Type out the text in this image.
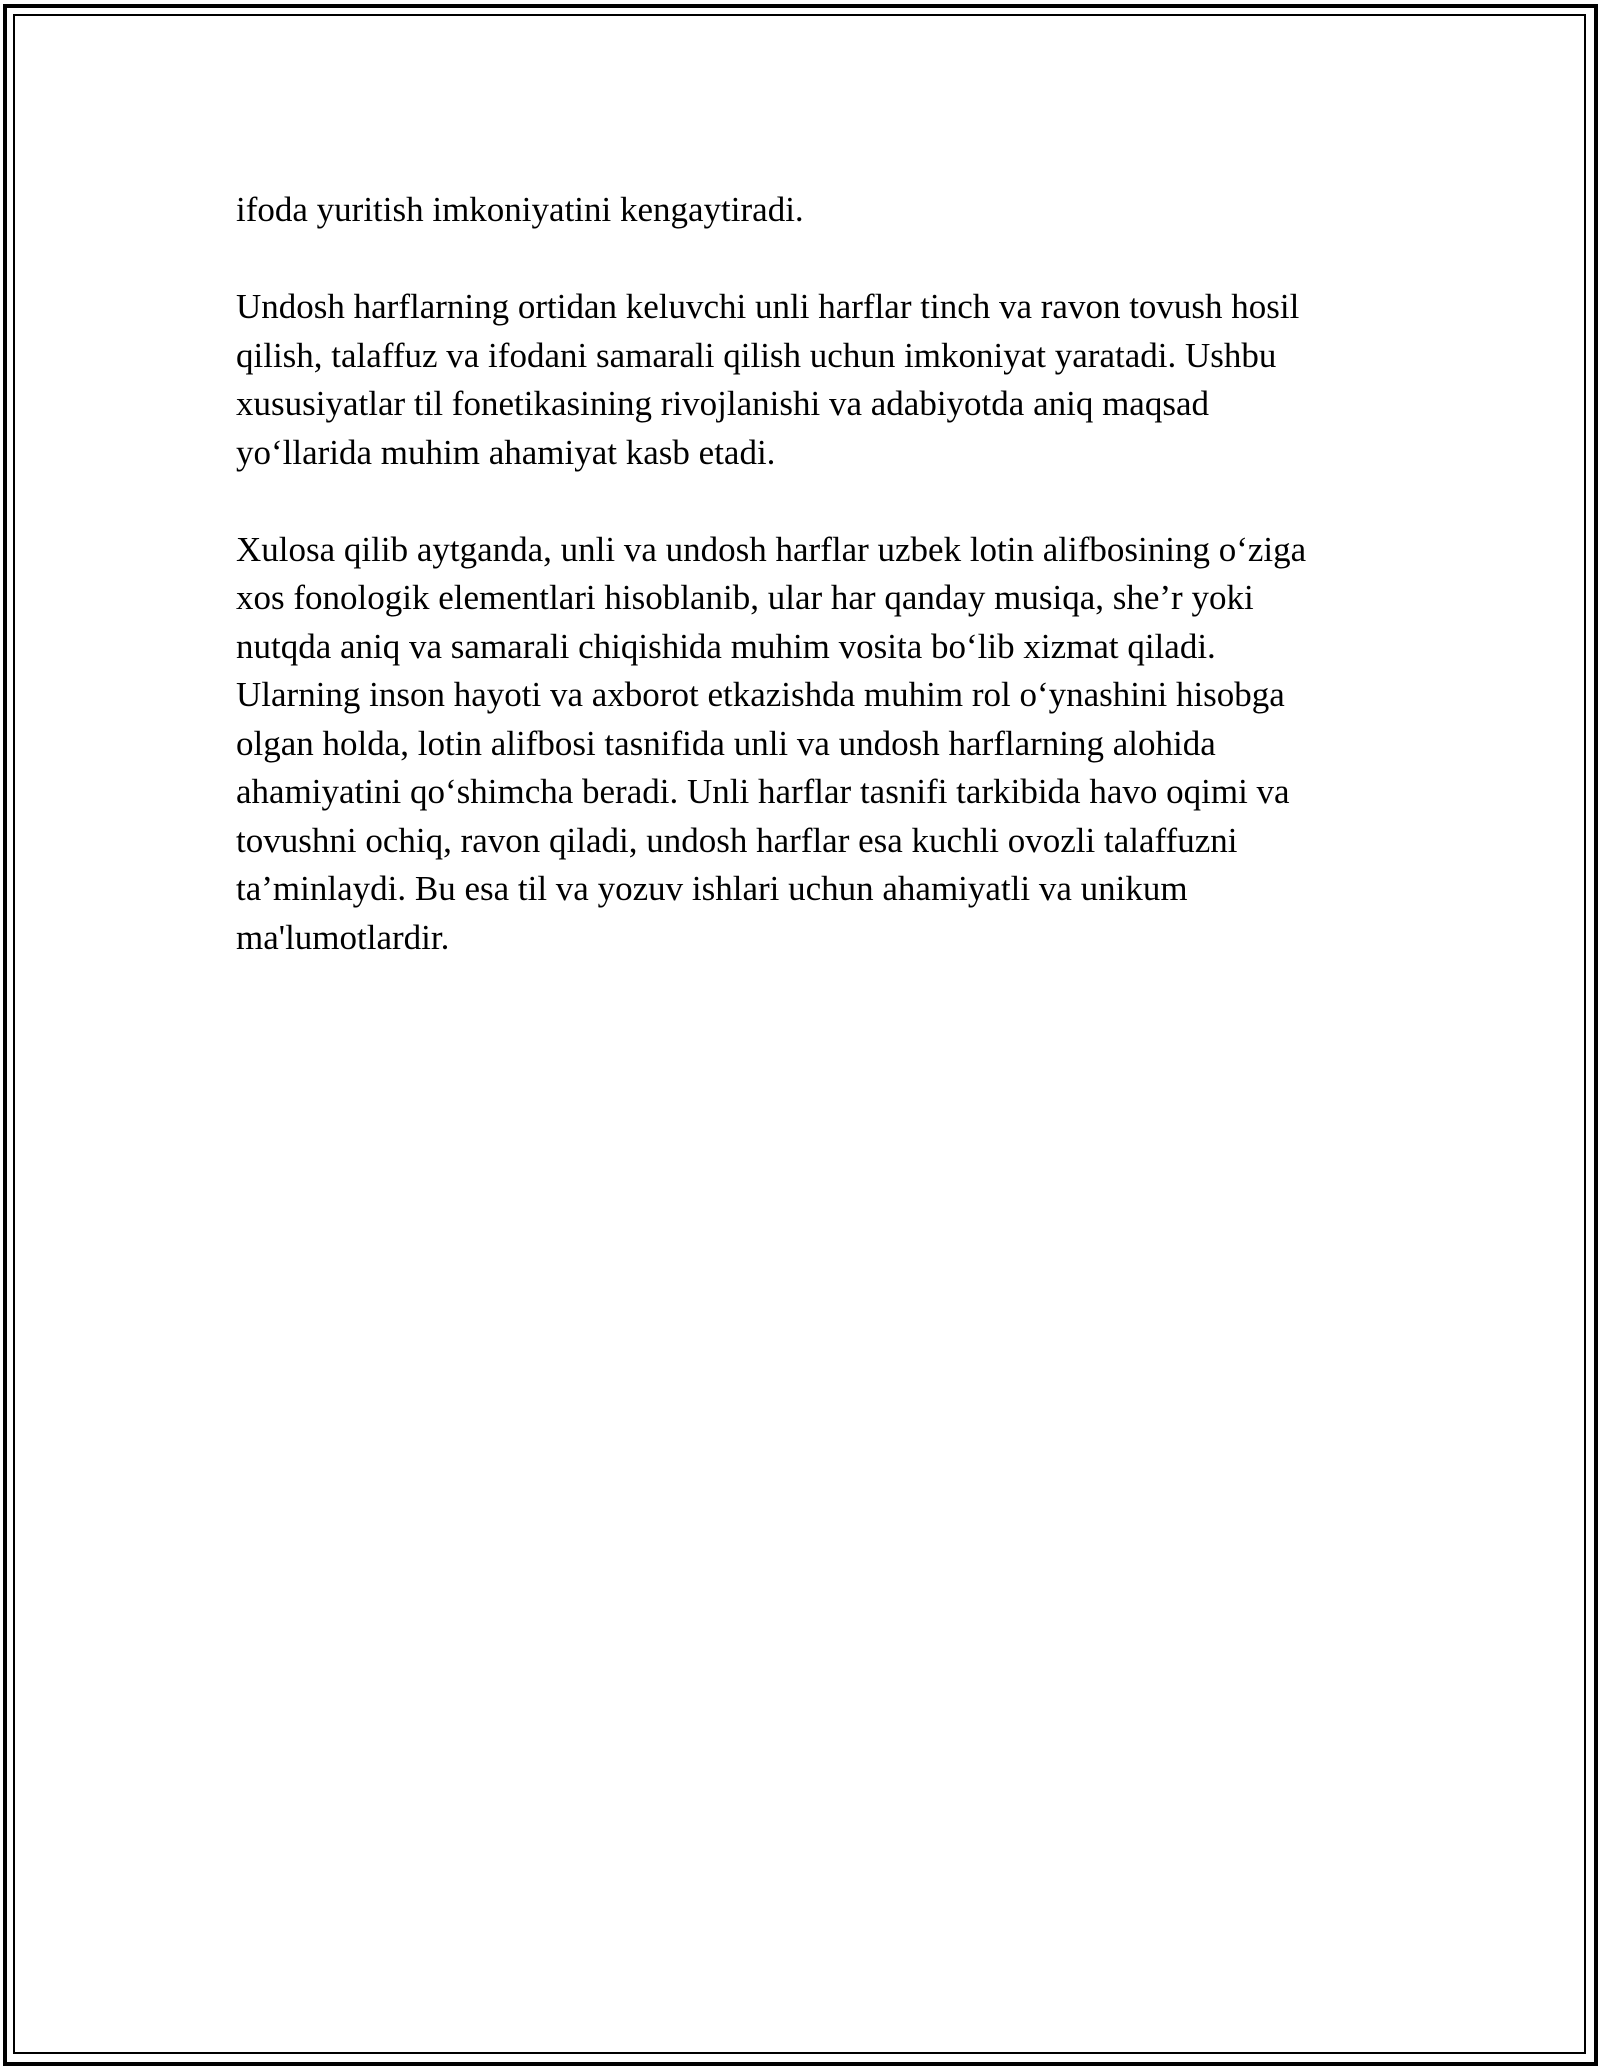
ifoda yuritish imkoniyatini kengaytiradi.

Undosh harflarning ortidan keluvchi unli harflar tinch va ravon tovush hosil
qilish, talaffuz va ifodani samarali qilish uchun imkoniyat yaratadi. Ushbu
xususiyatlar til fonetikasining rivojlanishi va adabiyotda aniq maqsad
yo‘llarida muhim ahamiyat kasb etadi.

Xulosa qilib aytganda, unli va undosh harflar uzbek lotin alifbosining o‘ziga
xos fonologik elementlari hisoblanib, ular har qanday musiqa, she’r yoki
nutqda aniq va samarali chiqishida muhim vosita bo‘lib xizmat qiladi.
Ularning inson hayoti va axborot etkazishda muhim rol o‘ynashini hisobga
olgan holda, lotin alifbosi tasnifida unli va undosh harflarning alohida
ahamiyatini qo‘shimcha beradi. Unli harflar tasnifi tarkibida havo oqimi va
tovushni ochiq, ravon qiladi, undosh harflar esa kuchli ovozli talaffuzni
ta’minlaydi. Bu esa til va yozuv ishlari uchun ahamiyatli va unikum
ma'lumotlardir.
